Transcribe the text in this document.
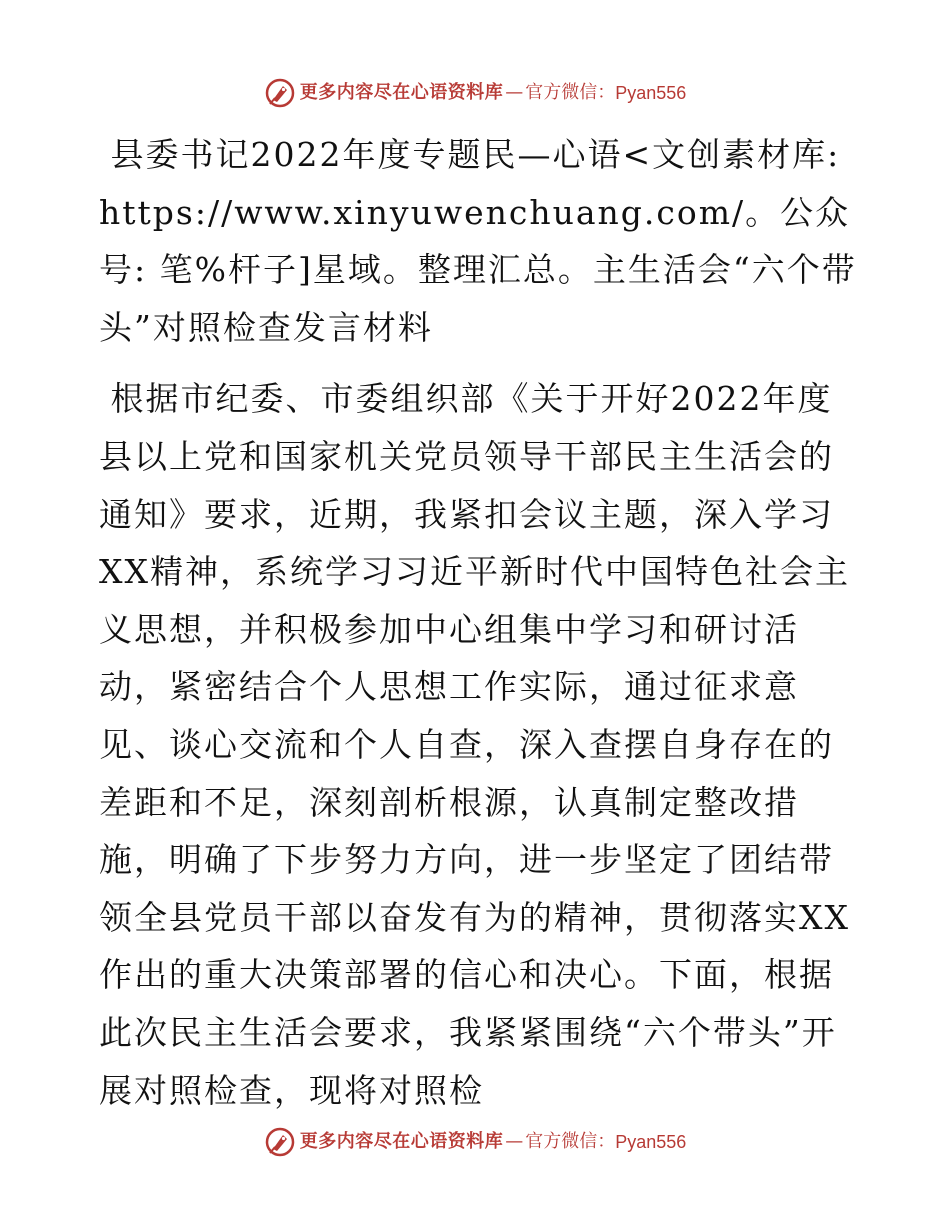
更多内容尽在心语资料库 — 官方微信： Pyan556

县委书记2022年度专题民—心语<文创素材库: https://www.xinyuwenchuang.com/。公众号: 笔%杆子]星域。整理汇总。主生活会“六个带头”对照检查发言材料

根据市纪委、市委组织部《关于开好2022年度县以上党和国家机关党员领导干部民主生活会的通知》要求，近期，我紧扣会议主题，深入学习XX精神，系统学习习近平新时代中国特色社会主义思想，并积极参加中心组集中学习和研讨活动，紧密结合个人思想工作实际，通过征求意见、谈心交流和个人自查，深入查摆自身存在的差距和不足，深刻剖析根源，认真制定整改措施，明确了下步努力方向，进一步坚定了团结带领全县党员干部以奋发有为的精神，贯彻落实XX作出的重大决策部署的信心和决心。下面，根据此次民主生活会要求，我紧紧围绕“六个带头”开展对照检查，现将对照检

更多内容尽在心语资料库 — 官方微信： Pyan556
